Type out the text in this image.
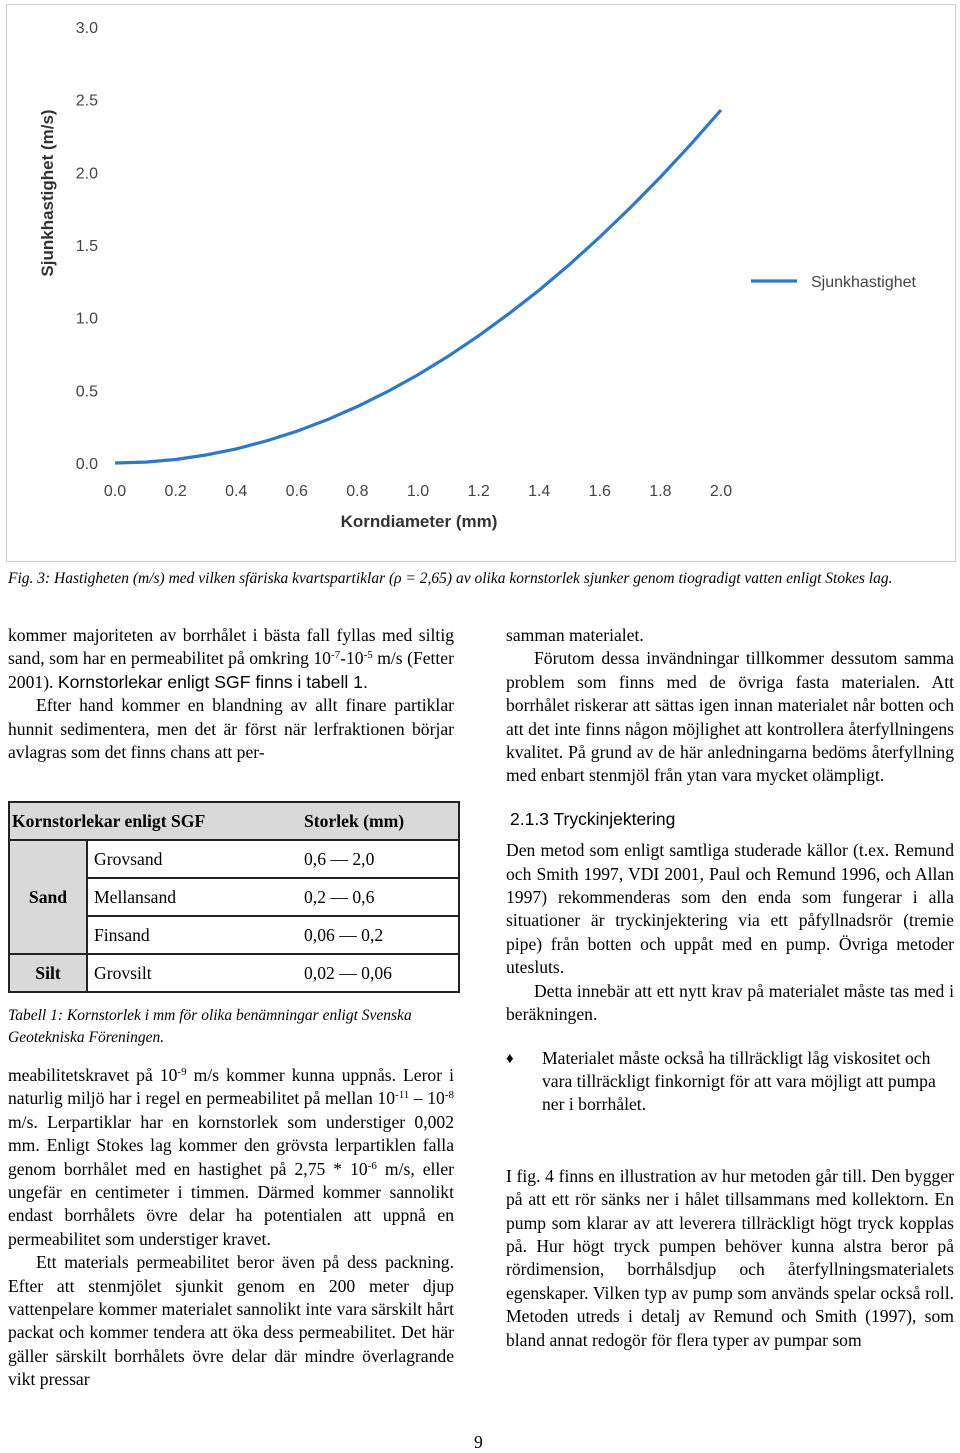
0.0
0.5
1.0
1.5
2.0
2.5
3.0
0.0 0.2 0.4 0.6 0.8 1.0 1.2 1.4 1.6 1.8 2.0
Sjunkhastighet (m/s)
Korndiameter (mm)
Sjunkhastighet
Fig. 3: Hastigheten (m/s) med vilken sfäriska kvartspartiklar (ρ = 2,65) av olika kornstorlek sjunker genom tiogradigt vatten enligt Stokes lag.

kommer majoriteten av borrhålet i bästa fall fyllas med siltig sand, som har en permeabilitet på omkring $10^{-7}-10^{-5}$ m/s (Fetter 2001). Kornstorlekar enligt SGF finns i tabell 1.

Efter hand kommer en blandning av allt finare partiklar hunnit sedimentera, men det är först när lerfraktionen börjar avlagras som det finns chans att per-

Kornstorlekar enligt SGF		Storlek (mm)
Sand	Grovsand	0,6 — 2,0
	Mellansand	0,2 — 0,6
	Finsand	0,06 — 0,2
Silt	Grovsilt	0,02 — 0,06
Tabell 1: Kornstorlek i mm för olika benämningar enligt Svenska Geotekniska Föreningen.

meabilitetskravet på $10^{-9}$ m/s kommer kunna uppnås. Leror i naturlig miljö har i regel en permeabilitet på mellan $10^{-11} - 10^{-8}$ m/s. Lerpartiklar har en kornstorlek som understiger 0,002 mm. Enligt Stokes lag kommer den grövsta lerpartiklen falla genom borrhålet med en hastighet på $2,75 * 10^{-6}$ m/s, eller ungefär en centimeter i timmen. Därmed kommer sannolikt endast borrhålets övre delar ha potentialen att uppnå en permeabilitet som understiger kravet.

Ett materials permeabilitet beror även på dess packning. Efter att stenmjölet sjunkit genom en 200 meter djup vattenpelare kommer materialet sannolikt inte vara särskilt hårt packat och kommer tendera att öka dess permeabilitet. Det här gäller särskilt borrhålets övre delar där mindre överlagrande vikt pressar

samman materialet.

Förutom dessa invändningar tillkommer dessutom samma problem som finns med de övriga fasta materialen. Att borrhålet riskerar att sättas igen innan materialet når botten och att det inte finns någon möjlighet att kontrollera återfyllningens kvalitet. På grund av de här anledningarna bedöms återfyllning med enbart stenmjöl från ytan vara mycket olämpligt.

2.1.3 Tryckinjektering

Den metod som enligt samtliga studerade källor (t.ex. Remund och Smith 1997, VDI 2001, Paul och Remund 1996, och Allan 1997) rekommenderas som den enda som fungerar i alla situationer är tryckinjektering via ett påfyllnadsrör (tremie pipe) från botten och uppåt med en pump. Övriga metoder utesluts.

Detta innebär att ett nytt krav på materialet måste tas med i beräkningen.

♦	Materialet måste också ha tillräckligt låg viskositet och vara tillräckligt finkornigt för att vara möjligt att pumpa ner i borrhålet.

I fig. 4 finns en illustration av hur metoden går till. Den bygger på att ett rör sänks ner i hålet tillsammans med kollektorn. En pump som klarar av att leverera tillräckligt högt tryck kopplas på. Hur högt tryck pumpen behöver kunna alstra beror på rördimension, borrhålsdjup och återfyllningsmaterialets egenskaper. Vilken typ av pump som används spelar också roll. Metoden utreds i detalj av Remund och Smith (1997), som bland annat redogör för flera typer av pumpar som

9
